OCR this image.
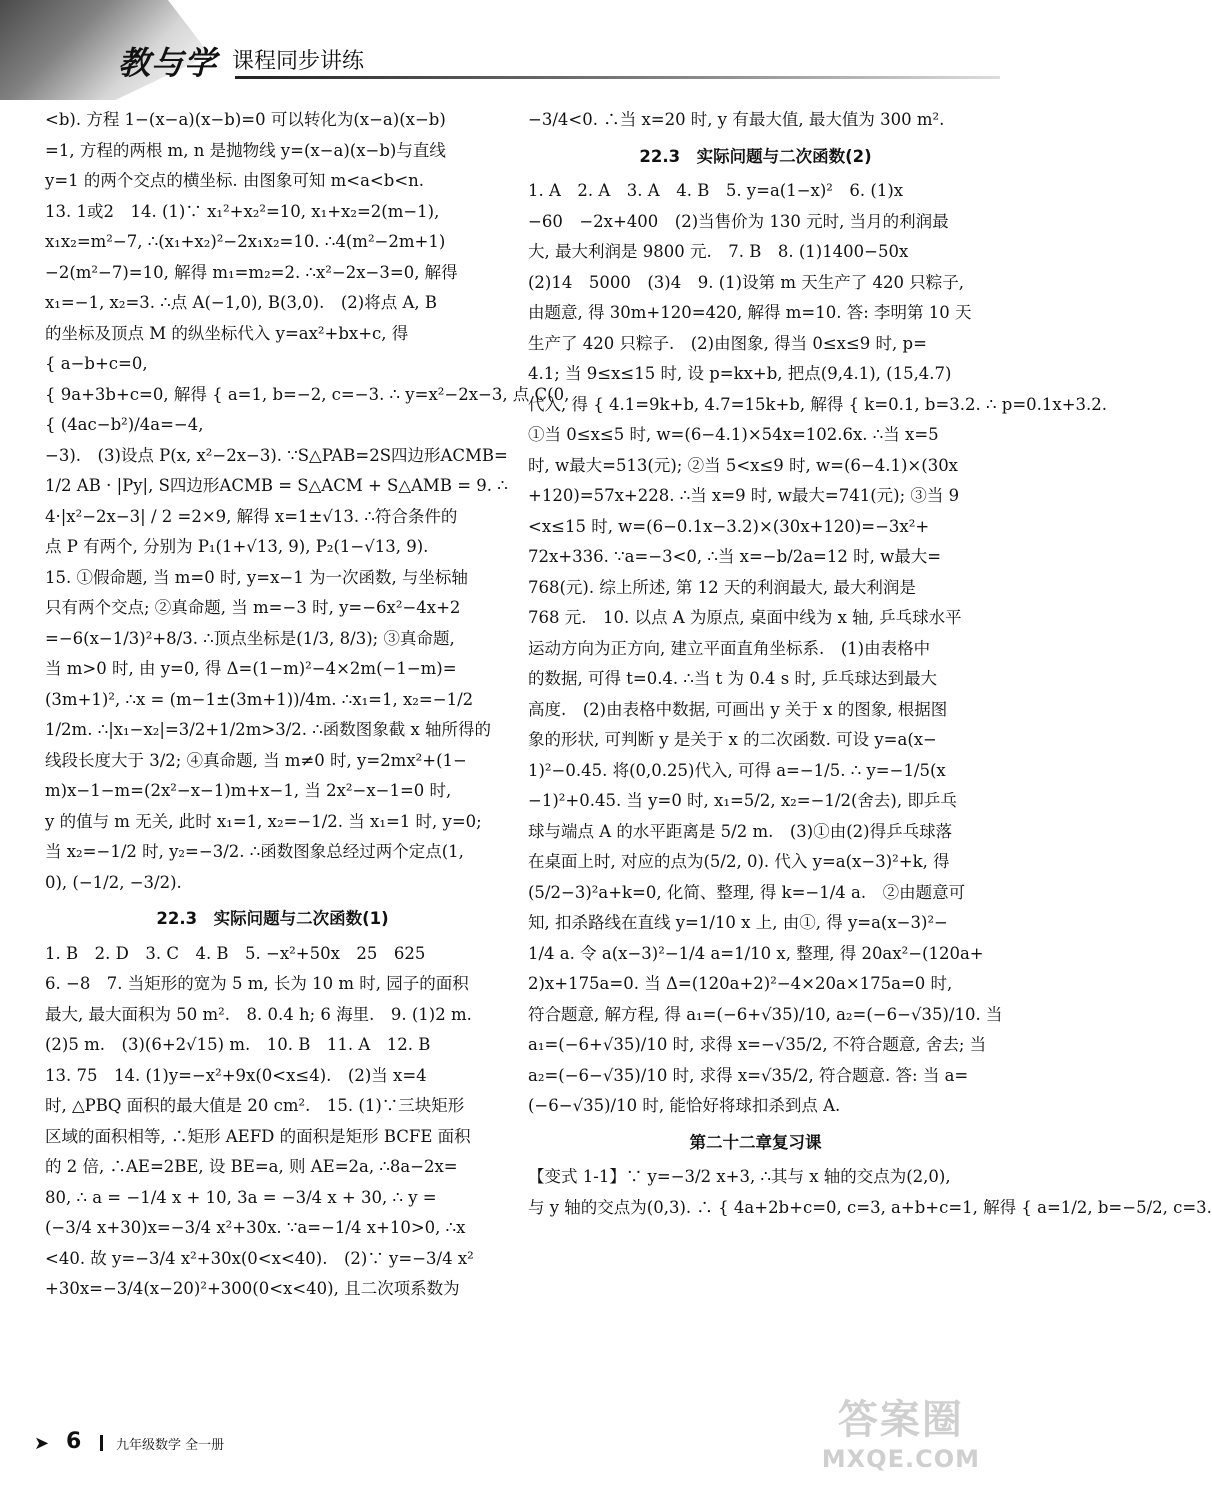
教与学 课程同步讲练
<b). 方程 1−(x−a)(x−b)=0 可以转化为(x−a)(x−b)
=1, 方程的两根 m, n 是抛物线 y=(x−a)(x−b)与直线
y=1 的两个交点的横坐标. 由图象可知 m<a<b<n.
13. 1或2　14. (1)∵ x₁²+x₂²=10, x₁+x₂=2(m−1),
x₁x₂=m²−7, ∴(x₁+x₂)²−2x₁x₂=10. ∴4(m²−2m+1)
−2(m²−7)=10, 解得 m₁=m₂=2. ∴x²−2x−3=0, 解得
x₁=−1, x₂=3. ∴点 A(−1,0), B(3,0).　(2)将点 A, B
的坐标及顶点 M 的纵坐标代入 y=ax²+bx+c, 得
{ a−b+c=0,
{ 9a+3b+c=0, 解得 { a=1, b=−2, c=−3. ∴ y=x²−2x−3, 点 C(0,
{ (4ac−b²)/4a=−4,
−3).　(3)设点 P(x, x²−2x−3). ∵S△PAB=2S四边形ACMB=
1/2 AB · |Py|, S四边形ACMB = S△ACM + S△AMB = 9. ∴
4·|x²−2x−3| / 2 =2×9, 解得 x=1±√13. ∴符合条件的
点 P 有两个, 分别为 P₁(1+√13, 9), P₂(1−√13, 9).
15. ①假命题, 当 m=0 时, y=x−1 为一次函数, 与坐标轴
只有两个交点; ②真命题, 当 m=−3 时, y=−6x²−4x+2
=−6(x−1/3)²+8/3. ∴顶点坐标是(1/3, 8/3); ③真命题,
当 m>0 时, 由 y=0, 得 Δ=(1−m)²−4×2m(−1−m)=
(3m+1)², ∴x = (m−1±(3m+1))/4m. ∴x₁=1, x₂=−1/2
1/2m. ∴|x₁−x₂|=3/2+1/2m>3/2. ∴函数图象截 x 轴所得的
线段长度大于 3/2; ④真命题, 当 m≠0 时, y=2mx²+(1−
m)x−1−m=(2x²−x−1)m+x−1, 当 2x²−x−1=0 时,
y 的值与 m 无关, 此时 x₁=1, x₂=−1/2. 当 x₁=1 时, y=0;
当 x₂=−1/2 时, y₂=−3/2. ∴函数图象总经过两个定点(1,
0), (−1/2, −3/2).
22.3　实际问题与二次函数(1)
1. B　2. D　3. C　4. B　5. −x²+50x　25　625
6. −8　7. 当矩形的宽为 5 m, 长为 10 m 时, 园子的面积
最大, 最大面积为 50 m².　8. 0.4 h; 6 海里.　9. (1)2 m.
(2)5 m.　(3)(6+2√15) m.　10. B　11. A　12. B
13. 75　14. (1)y=−x²+9x(0<x≤4).　(2)当 x=4
时, △PBQ 面积的最大值是 20 cm².　15. (1)∵三块矩形
区域的面积相等, ∴矩形 AEFD 的面积是矩形 BCFE 面积
的 2 倍, ∴AE=2BE, 设 BE=a, 则 AE=2a, ∴8a−2x=
80, ∴ a = −1/4 x + 10, 3a = −3/4 x + 30, ∴ y =
(−3/4 x+30)x=−3/4 x²+30x. ∵a=−1/4 x+10>0, ∴x
<40. 故 y=−3/4 x²+30x(0<x<40).　(2)∵ y=−3/4 x²
+30x=−3/4(x−20)²+300(0<x<40), 且二次项系数为
−3/4<0. ∴当 x=20 时, y 有最大值, 最大值为 300 m².
22.3　实际问题与二次函数(2)
1. A　2. A　3. A　4. B　5. y=a(1−x)²　6. (1)x
−60　−2x+400　(2)当售价为 130 元时, 当月的利润最
大, 最大利润是 9800 元.　7. B　8. (1)1400−50x
(2)14　5000　(3)4　9. (1)设第 m 天生产了 420 只粽子,
由题意, 得 30m+120=420, 解得 m=10. 答: 李明第 10 天
生产了 420 只粽子.　(2)由图象, 得当 0≤x≤9 时, p=
4.1; 当 9≤x≤15 时, 设 p=kx+b, 把点(9,4.1), (15,4.7)
代入, 得 { 4.1=9k+b, 4.7=15k+b, 解得 { k=0.1, b=3.2. ∴ p=0.1x+3.2.
①当 0≤x≤5 时, w=(6−4.1)×54x=102.6x. ∴当 x=5
时, w最大=513(元); ②当 5<x≤9 时, w=(6−4.1)×(30x
+120)=57x+228. ∴当 x=9 时, w最大=741(元); ③当 9
<x≤15 时, w=(6−0.1x−3.2)×(30x+120)=−3x²+
72x+336. ∵a=−3<0, ∴当 x=−b/2a=12 时, w最大=
768(元). 综上所述, 第 12 天的利润最大, 最大利润是
768 元.　10. 以点 A 为原点, 桌面中线为 x 轴, 乒乓球水平
运动方向为正方向, 建立平面直角坐标系.　(1)由表格中
的数据, 可得 t=0.4. ∴当 t 为 0.4 s 时, 乒乓球达到最大
高度.　(2)由表格中数据, 可画出 y 关于 x 的图象, 根据图
象的形状, 可判断 y 是关于 x 的二次函数. 可设 y=a(x−
1)²−0.45. 将(0,0.25)代入, 可得 a=−1/5. ∴ y=−1/5(x
−1)²+0.45. 当 y=0 时, x₁=5/2, x₂=−1/2(舍去), 即乒乓
球与端点 A 的水平距离是 5/2 m.　(3)①由(2)得乒乓球落
在桌面上时, 对应的点为(5/2, 0). 代入 y=a(x−3)²+k, 得
(5/2−3)²a+k=0, 化简、整理, 得 k=−1/4 a.　②由题意可
知, 扣杀路线在直线 y=1/10 x 上, 由①, 得 y=a(x−3)²−
1/4 a. 令 a(x−3)²−1/4 a=1/10 x, 整理, 得 20ax²−(120a+
2)x+175a=0. 当 Δ=(120a+2)²−4×20a×175a=0 时,
符合题意, 解方程, 得 a₁=(−6+√35)/10, a₂=(−6−√35)/10. 当
a₁=(−6+√35)/10 时, 求得 x=−√35/2, 不符合题意, 舍去; 当
a₂=(−6−√35)/10 时, 求得 x=√35/2, 符合题意. 答: 当 a=
(−6−√35)/10 时, 能恰好将球扣杀到点 A.
第二十二章复习课
【变式 1-1】∵ y=−3/2 x+3, ∴其与 x 轴的交点为(2,0),
与 y 轴的交点为(0,3). ∴ { 4a+2b+c=0, c=3, a+b+c=1, 解得 { a=1/2, b=−5/2, c=3.
➤ 6	九年级数学 全一册
答案圈
MXQE.COM
